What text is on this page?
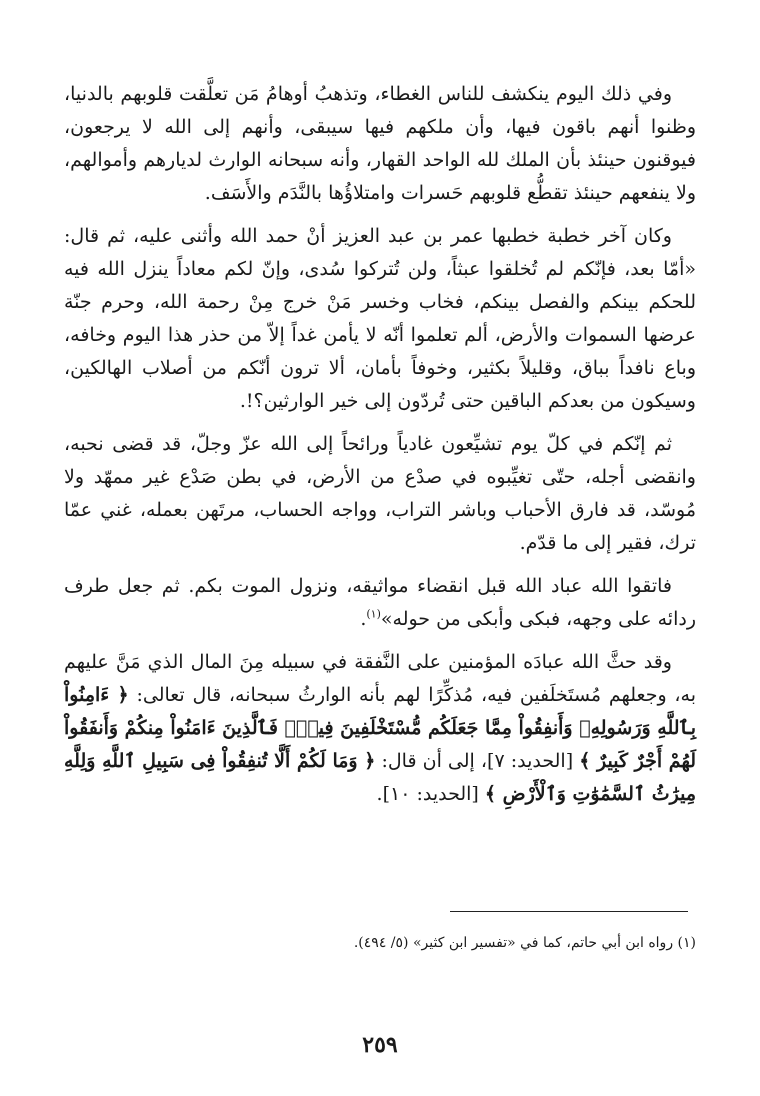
وفي ذلك اليوم ينكشف للناس الغطاء، وتذهبُ أوهامُ مَن تعلَّقت قلوبهم بالدنيا، وظنوا أنهم باقون فيها، وأن ملكهم فيها سيبقى، وأنهم إلى الله لا يرجعون، فيوقنون حينئذ بأن الملك لله الواحد القهار، وأنه سبحانه الوارث لديارهم وأموالهم، ولا ينفعهم حينئذ تقطُّع قلوبهم حَسرات وامتلاؤُها بالنَّدَم والأَسَف.

وكان آخر خطبة خطبها عمر بن عبد العزيز أنْ حمد الله وأثنى عليه، ثم قال: «أمّا بعد، فإنّكم لم تُخلقوا عبثاً، ولن تُتركوا سُدى، وإنّ لكم معاداً ينزل الله فيه للحكم بينكم والفصل بينكم، فخاب وخسر مَنْ خرج مِنْ رحمة الله، وحرم جنّة عرضها السموات والأرض، ألم تعلموا أنّه لا يأمن غداً إلاّ من حذر هذا اليوم وخافه، وباع نافداً بباق، وقليلاً بكثير، وخوفاً بأمان، ألا ترون أنّكم من أصلاب الهالكين، وسيكون من بعدكم الباقين حتى تُردّون إلى خير الوارثين؟!.

ثم إنّكم في كلّ يوم تشيِّعون غادياً ورائحاً إلى الله عزّ وجلّ، قد قضى نحبه، وانقضى أجله، حتّى تغيِّبوه في صدْع من الأرض، في بطن صَدْع غير ممهّد ولا مُوسّد، قد فارق الأحباب وباشر التراب، وواجه الحساب، مرتَهن بعمله، غني عمّا ترك، فقير إلى ما قدّم.

فاتقوا الله عباد الله قبل انقضاء مواثيقه، ونزول الموت بكم. ثم جعل طرف ردائه على وجهه، فبكى وأبكى من حوله»$^{(١)}$.

وقد حثَّ الله عبادَه المؤمنين على النَّفقة في سبيله مِنَ المال الذي مَنَّ عليهم به، وجعلهم مُستَخلَفين فيه، مُذكِّرًا لهم بأنه الوارثُ سبحانه، قال تعالى: ﴿ ءَامِنُواْ بِٱللَّهِ وَرَسُولِهِۦ وَأَنفِقُواْ مِمَّا جَعَلَكُم مُّسْتَخْلَفِينَ فِيهِۖ فَٱلَّذِينَ ءَامَنُواْ مِنكُمْ وَأَنفَقُواْ لَهُمْ أَجْرٌ كَبِيرٌ ﴾ [الحديد: ٧]، إلى أن قال: ﴿ وَمَا لَكُمْ أَلَّا تُنفِقُواْ فِى سَبِيلِ ٱللَّهِ وَلِلَّهِ مِيرَٰثُ ٱلسَّمَٰوَٰتِ وَٱلْأَرْضِ ﴾ [الحديد: ١٠].

(١) رواه ابن أبي حاتم، كما في «تفسير ابن كثير» (٥/ ٤٩٤).
٢٥٩
